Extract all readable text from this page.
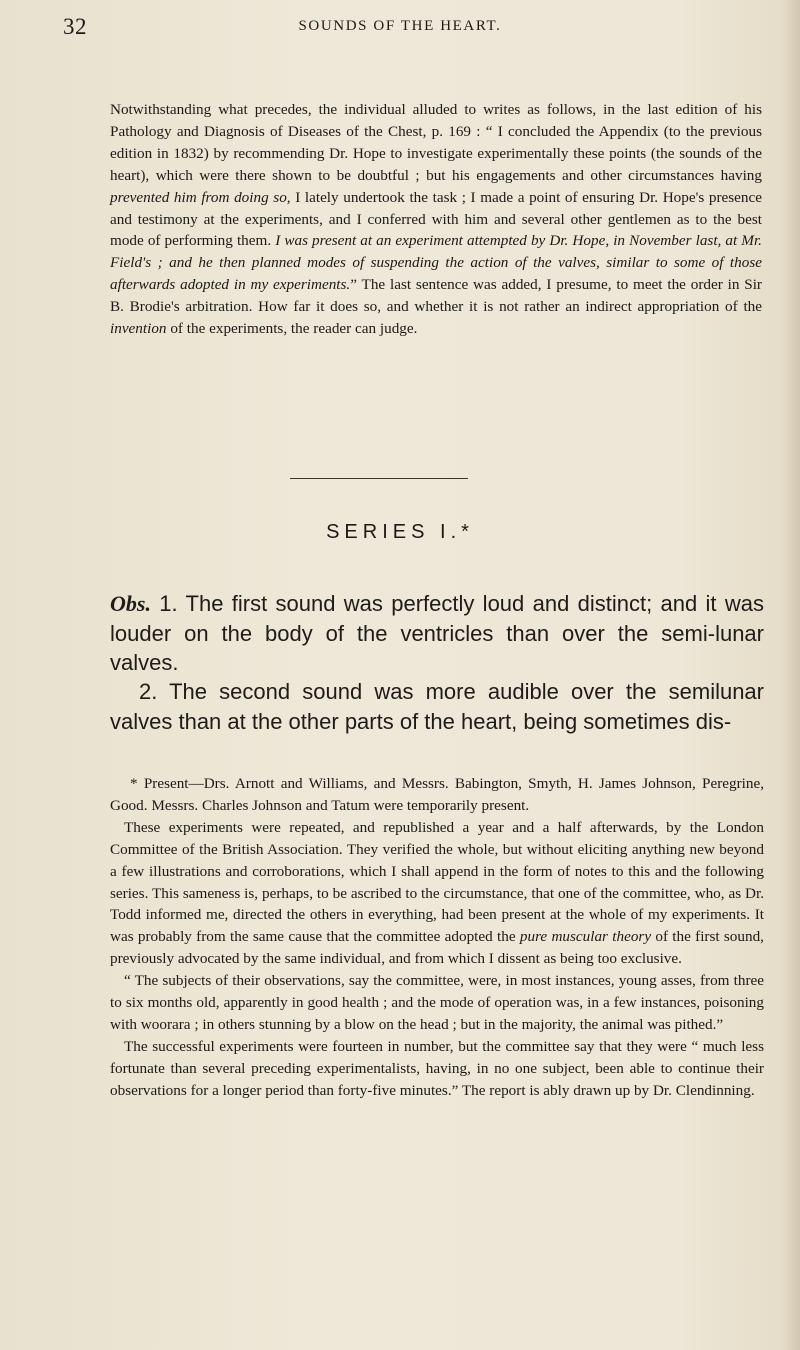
32	SOUNDS OF THE HEART.
Notwithstanding what precedes, the individual alluded to writes as follows, in the last edition of his Pathology and Diagnosis of Diseases of the Chest, p. 169 : “ I concluded the Appendix (to the previous edition in 1832) by recommending Dr. Hope to investigate experimentally these points (the sounds of the heart), which were there shown to be doubtful ; but his engagements and other circumstances having prevented him from doing so, I lately undertook the task ; I made a point of ensuring Dr. Hope's presence and testimony at the experiments, and I conferred with him and several other gentlemen as to the best mode of performing them. I was present at an experiment attempted by Dr. Hope, in November last, at Mr. Field's ; and he then planned modes of suspending the action of the valves, similar to some of those afterwards adopted in my experiments.” The last sentence was added, I presume, to meet the order in Sir B. Brodie's arbitration. How far it does so, and whether it is not rather an indirect appropriation of the invention of the experiments, the reader can judge.
SERIES I.*
Obs. 1. The first sound was perfectly loud and distinct; and it was louder on the body of the ventricles than over the semi-lunar valves.
2. The second sound was more audible over the semilunar valves than at the other parts of the heart, being sometimes dis-

* Present—Drs. Arnott and Williams, and Messrs. Babington, Smyth, H. James Johnson, Peregrine, Good. Messrs. Charles Johnson and Tatum were temporarily present.

These experiments were repeated, and republished a year and a half afterwards, by the London Committee of the British Association. They verified the whole, but without eliciting anything new beyond a few illustrations and corroborations, which I shall append in the form of notes to this and the following series. This sameness is, perhaps, to be ascribed to the circumstance, that one of the committee, who, as Dr. Todd informed me, directed the others in everything, had been present at the whole of my experiments. It was probably from the same cause that the committee adopted the pure muscular theory of the first sound, previously advocated by the same individual, and from which I dissent as being too exclusive.

“ The subjects of their observations, say the committee, were, in most instances, young asses, from three to six months old, apparently in good health ; and the mode of operation was, in a few instances, poisoning with woorara ; in others stunning by a blow on the head ; but in the majority, the animal was pithed.”

The successful experiments were fourteen in number, but the committee say that they were “ much less fortunate than several preceding experimentalists, having, in no one subject, been able to continue their observations for a longer period than forty-five minutes.” The report is ably drawn up by Dr. Clendinning.
